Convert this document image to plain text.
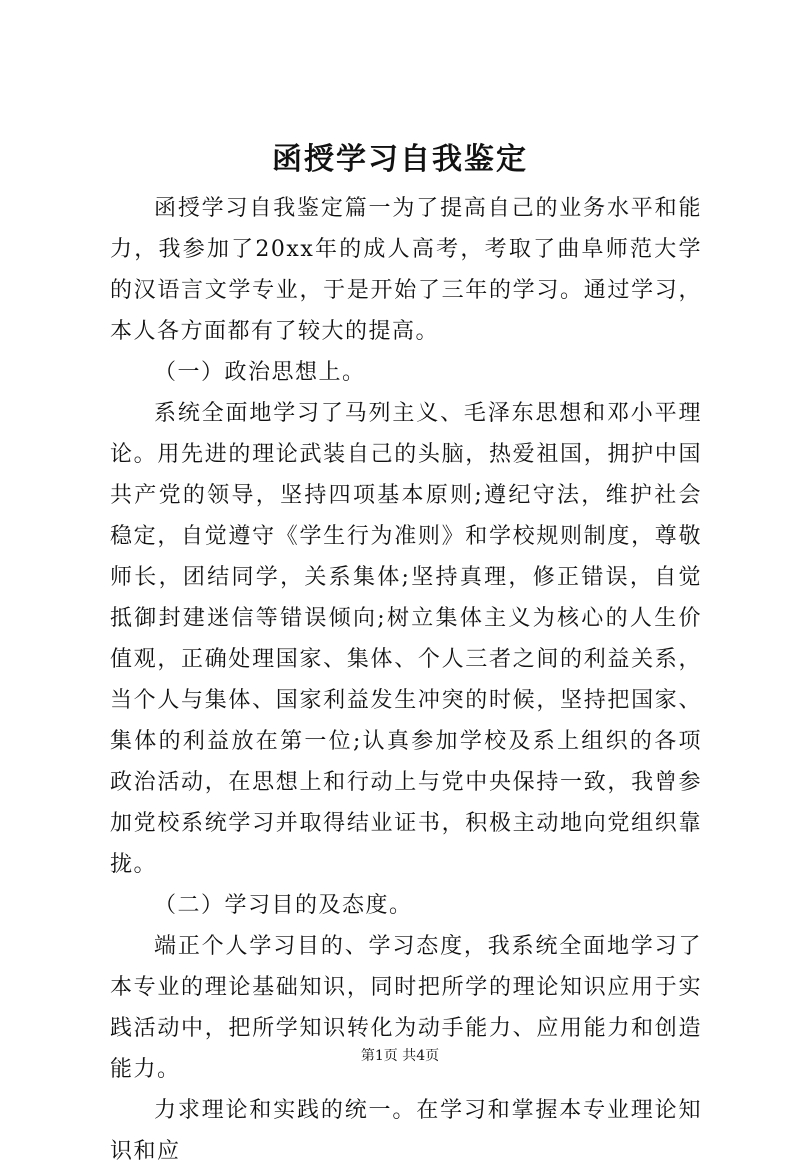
函授学习自我鉴定

函授学习自我鉴定篇一为了提高自己的业务水平和能力，我参加了20xx年的成人高考，考取了曲阜师范大学的汉语言文学专业，于是开始了三年的学习。通过学习，本人各方面都有了较大的提高。

（一）政治思想上。

系统全面地学习了马列主义、毛泽东思想和邓小平理论。用先进的理论武装自己的头脑，热爱祖国，拥护中国共产党的领导，坚持四项基本原则;遵纪守法，维护社会稳定，自觉遵守《学生行为准则》和学校规则制度，尊敬师长，团结同学，关系集体;坚持真理，修正错误，自觉抵御封建迷信等错误倾向;树立集体主义为核心的人生价值观，正确处理国家、集体、个人三者之间的利益关系，当个人与集体、国家利益发生冲突的时候，坚持把国家、集体的利益放在第一位;认真参加学校及系上组织的各项政治活动，在思想上和行动上与党中央保持一致，我曾参加党校系统学习并取得结业证书，积极主动地向党组织靠拢。

（二）学习目的及态度。

端正个人学习目的、学习态度，我系统全面地学习了本专业的理论基础知识，同时把所学的理论知识应用于实践活动中，把所学知识转化为动手能力、应用能力和创造能力。

力求理论和实践的统一。在学习和掌握本专业理论知识和应

第1页 共4页
